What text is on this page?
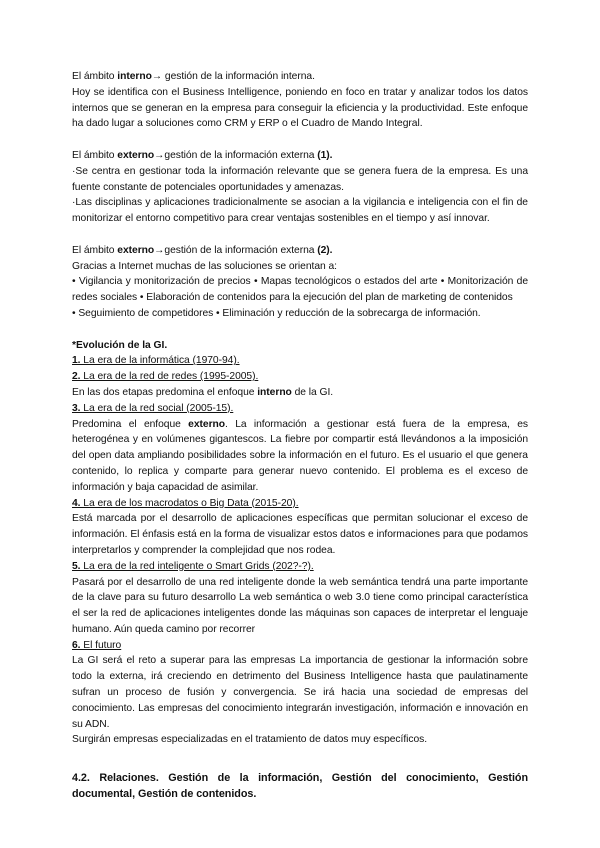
El ámbito interno→ gestión de la información interna.

Hoy se identifica con el Business Intelligence, poniendo en foco en tratar y analizar todos los datos internos que se generan en la empresa para conseguir la eficiencia y la productividad. Este enfoque ha dado lugar a soluciones como CRM y ERP o el Cuadro de Mando Integral.

El ámbito externo→gestión de la información externa (1).

·Se centra en gestionar toda la información relevante que se genera fuera de la empresa. Es una fuente constante de potenciales oportunidades y amenazas.

·Las disciplinas y aplicaciones tradicionalmente se asocian a la vigilancia e inteligencia con el fin de monitorizar el entorno competitivo para crear ventajas sostenibles en el tiempo y así innovar.

El ámbito externo→gestión de la información externa (2).

Gracias a Internet muchas de las soluciones se orientan a:

• Vigilancia y monitorización de precios • Mapas tecnológicos o estados del arte • Monitorización de redes sociales • Elaboración de contenidos para la ejecución del plan de marketing de contenidos

• Seguimiento de competidores • Eliminación y reducción de la sobrecarga de información.

*Evolución de la GI.

1. La era de la informática (1970-94).

2. La era de la red de redes (1995-2005).

En las dos etapas predomina el enfoque interno de la GI.

3. La era de la red social (2005-15).

Predomina el enfoque externo. La información a gestionar está fuera de la empresa, es heterogénea y en volúmenes gigantescos. La fiebre por compartir está llevándonos a la imposición del open data ampliando posibilidades sobre la información en el futuro. Es el usuario el que genera contenido, lo replica y comparte para generar nuevo contenido. El problema es el exceso de información y baja capacidad de asimilar.

4. La era de los macrodatos o Big Data (2015-20).

Está marcada por el desarrollo de aplicaciones específicas que permitan solucionar el exceso de información. El énfasis está en la forma de visualizar estos datos e informaciones para que podamos interpretarlos y comprender la complejidad que nos rodea.

5. La era de la red inteligente o Smart Grids (202?-?).

Pasará por el desarrollo de una red inteligente donde la web semántica tendrá una parte importante de la clave para su futuro desarrollo La web semántica o web 3.0 tiene como principal característica el ser la red de aplicaciones inteligentes donde las máquinas son capaces de interpretar el lenguaje humano. Aún queda camino por recorrer

6. El futuro

La GI será el reto a superar para las empresas La importancia de gestionar la información sobre todo la externa, irá creciendo en detrimento del Business Intelligence hasta que paulatinamente sufran un proceso de fusión y convergencia. Se irá hacia una sociedad de empresas del conocimiento. Las empresas del conocimiento integrarán investigación, información e innovación en su ADN.

Surgirán empresas especializadas en el tratamiento de datos muy específicos.

4.2. Relaciones. Gestión de la información, Gestión del conocimiento, Gestión documental, Gestión de contenidos.
